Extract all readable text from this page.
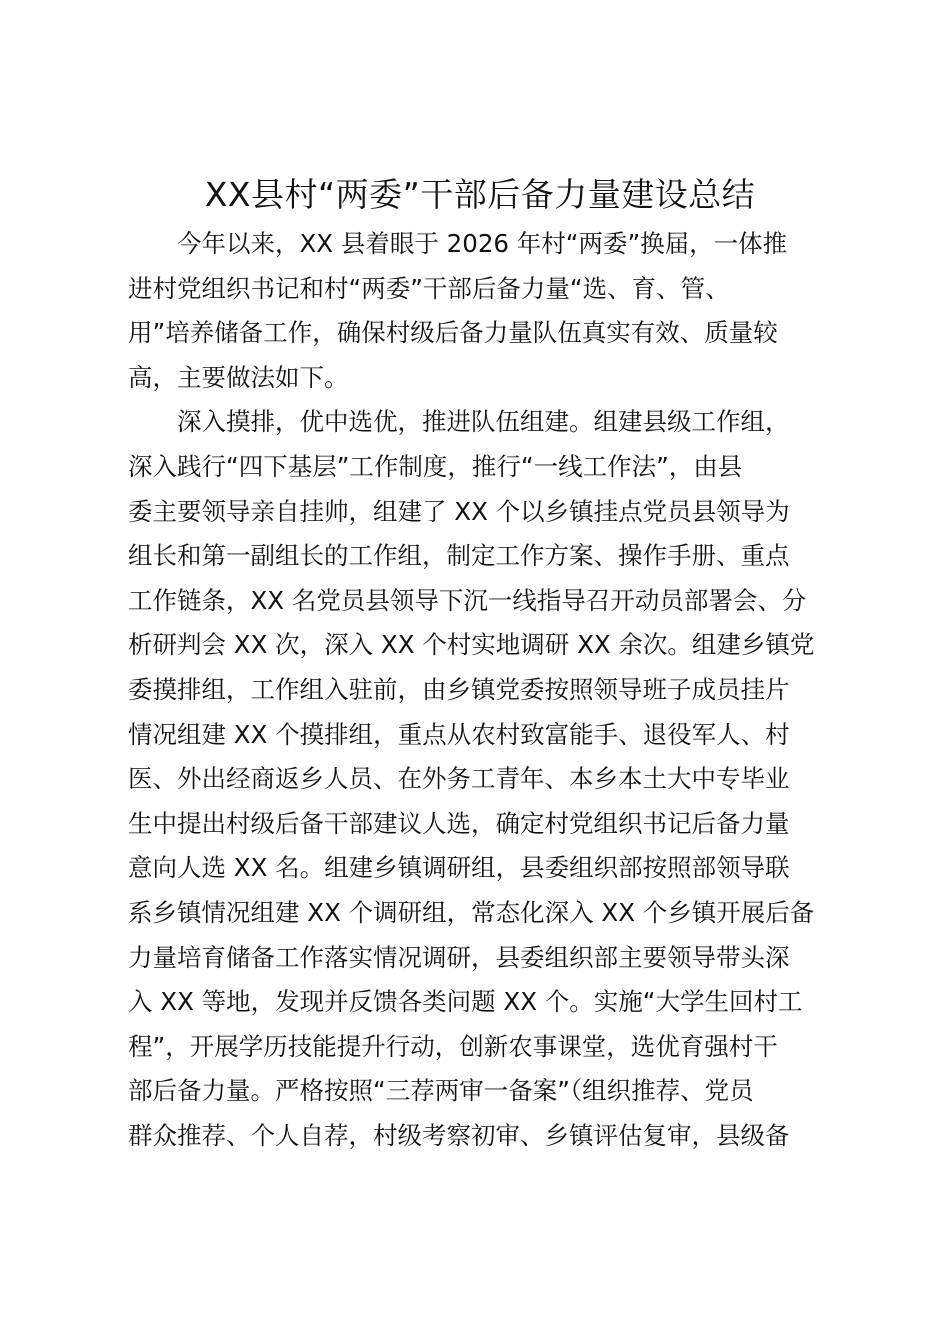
XX县村“两委”干部后备力量建设总结

今年以来，XX 县着眼于 2026 年村“两委”换届，一体推

进村党组织书记和村“两委”干部后备力量“选、育、管、

用”培养储备工作，确保村级后备力量队伍真实有效、质量较

高，主要做法如下。

深入摸排，优中选优，推进队伍组建。组建县级工作组，

深入践行“四下基层”工作制度，推行“一线工作法”，由县

委主要领导亲自挂帅，组建了 XX 个以乡镇挂点党员县领导为

组长和第一副组长的工作组，制定工作方案、操作手册、重点

工作链条，XX 名党员县领导下沉一线指导召开动员部署会、分

析研判会 XX 次，深入 XX 个村实地调研 XX 余次。组建乡镇党

委摸排组，工作组入驻前，由乡镇党委按照领导班子成员挂片

情况组建 XX 个摸排组，重点从农村致富能手、退役军人、村

医、外出经商返乡人员、在外务工青年、本乡本土大中专毕业

生中提出村级后备干部建议人选，确定村党组织书记后备力量

意向人选 XX 名。组建乡镇调研组，县委组织部按照部领导联

系乡镇情况组建 XX 个调研组，常态化深入 XX 个乡镇开展后备

力量培育储备工作落实情况调研，县委组织部主要领导带头深

入 XX 等地，发现并反馈各类问题 XX 个。实施“大学生回村工

程”，开展学历技能提升行动，创新农事课堂，选优育强村干

部后备力量。严格按照“三荐两审一备案”（组织推荐、党员

群众推荐、个人自荐，村级考察初审、乡镇评估复审，县级备
